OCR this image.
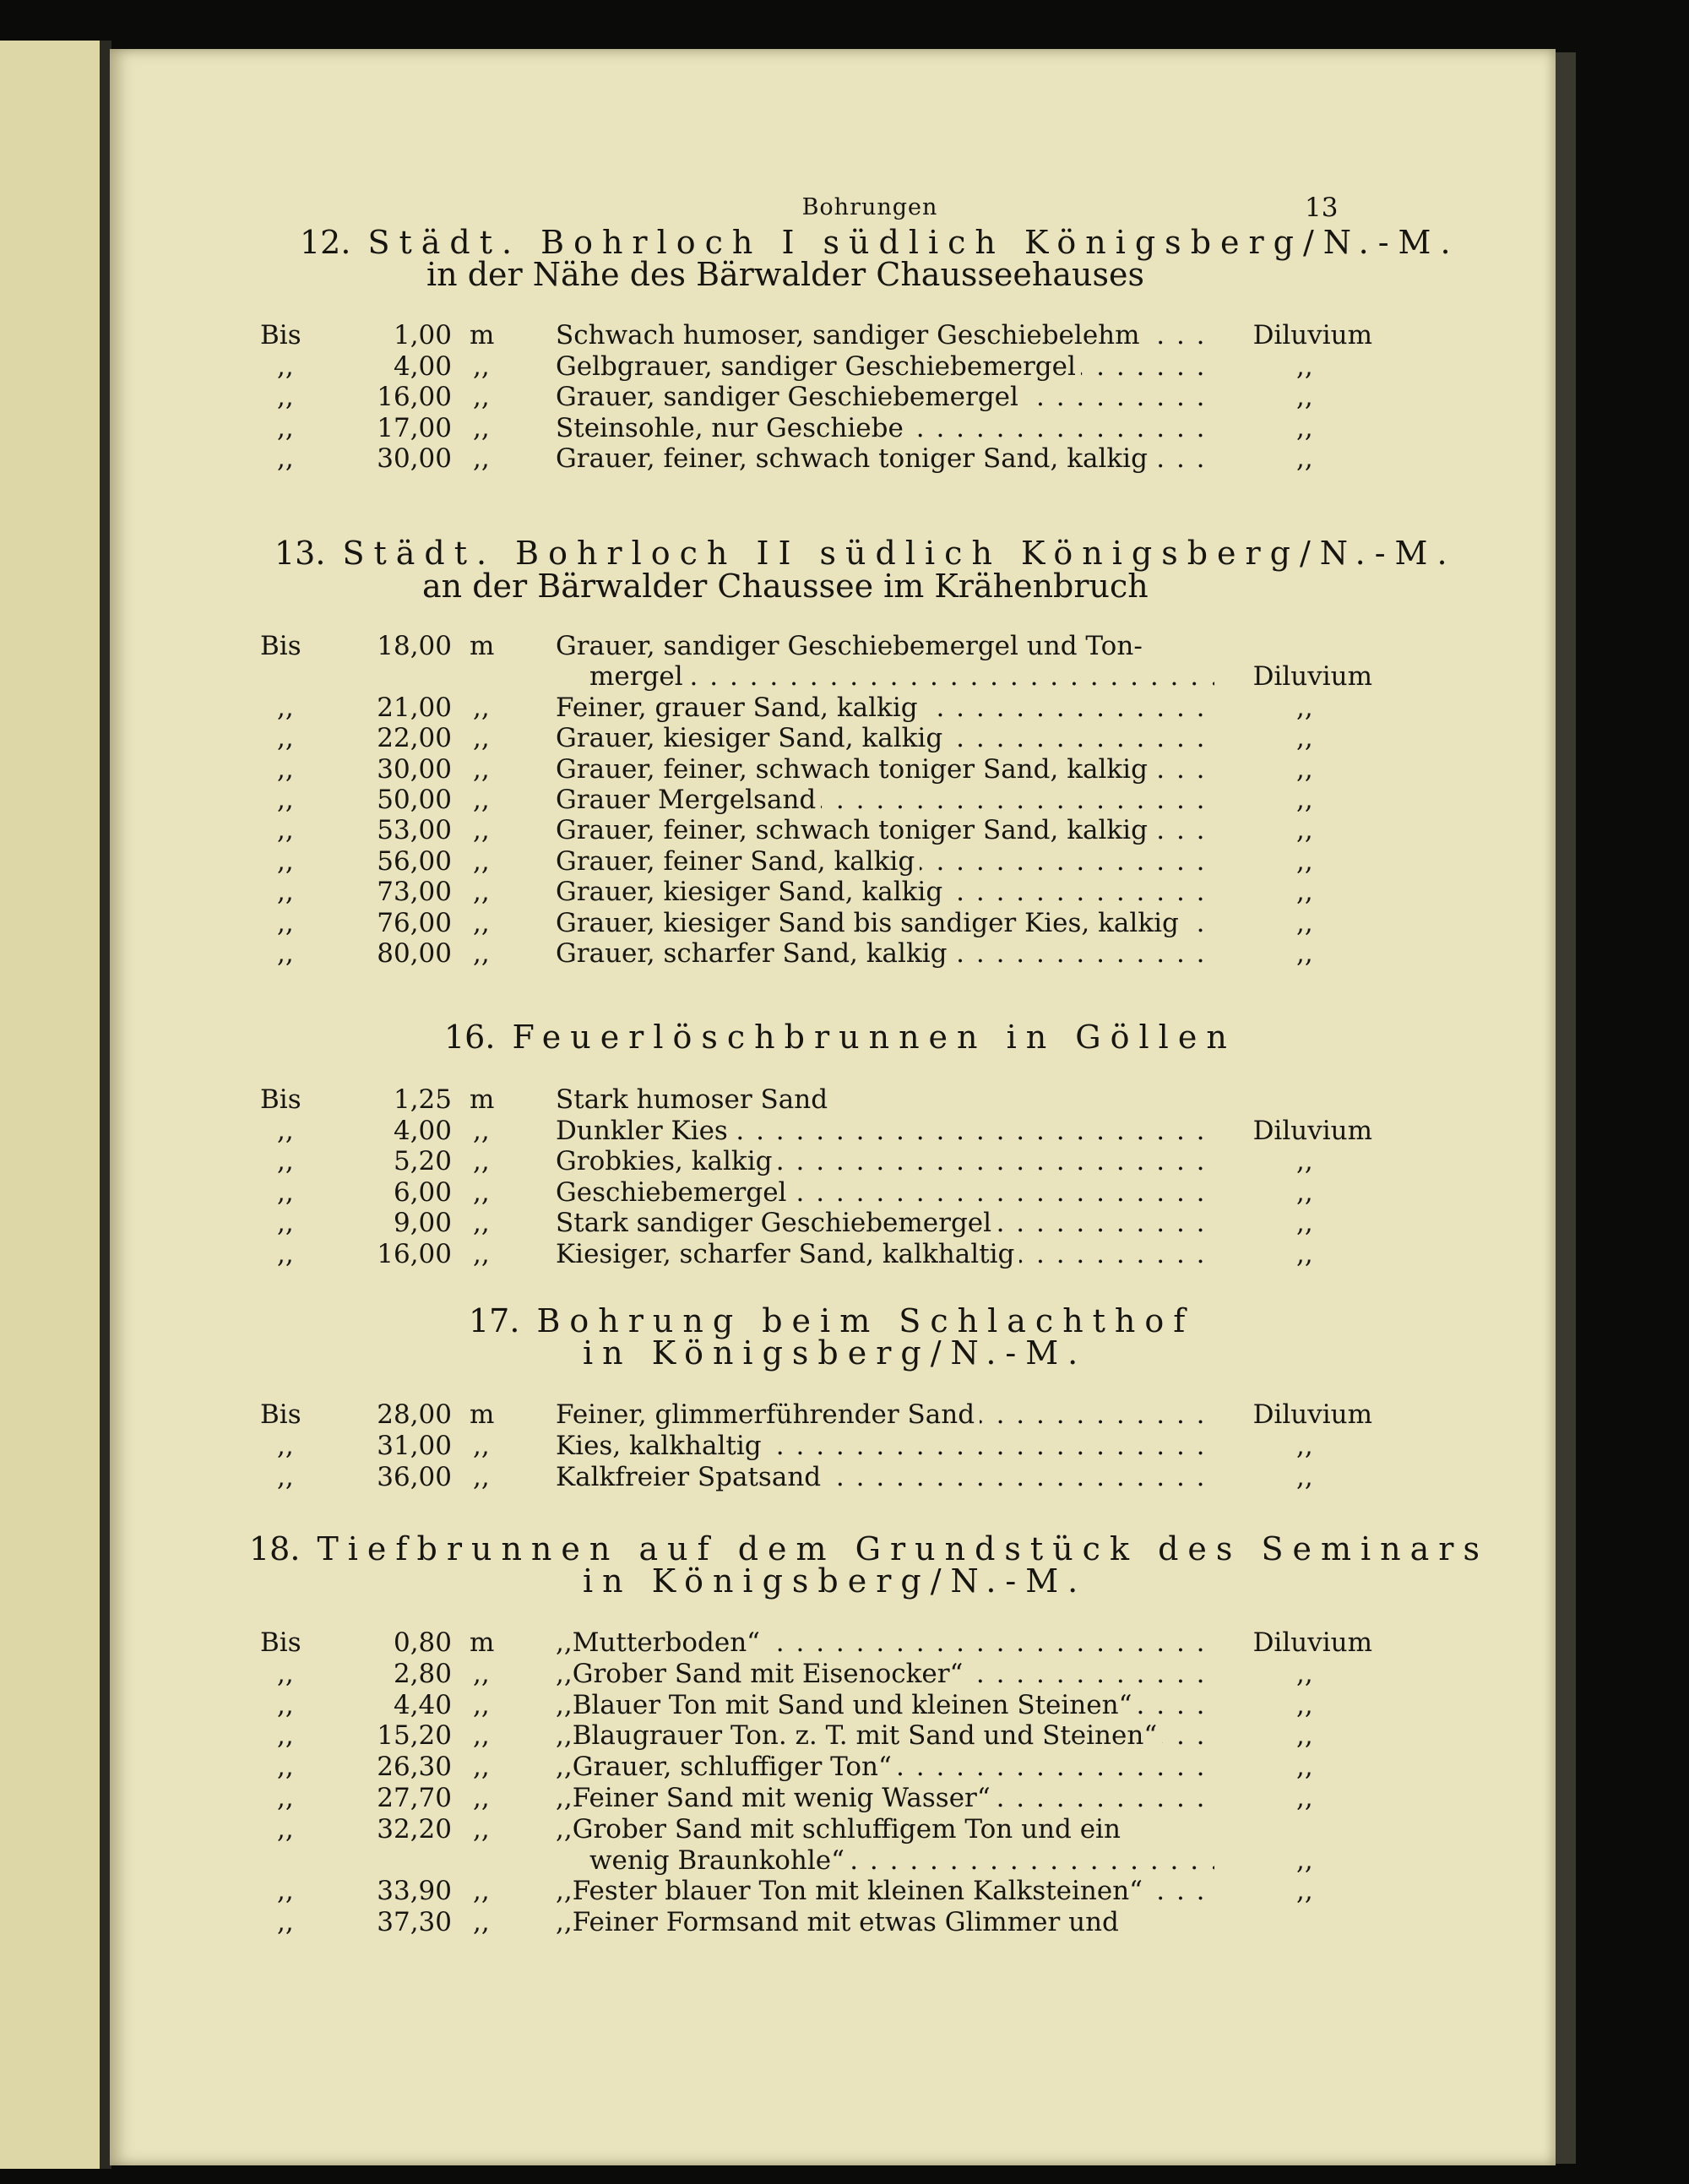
Bohrungen	13
12. Städt. Bohrloch I südlich Königsberg/N.-M.
in der Nähe des Bärwalder Chausseehauses
Bis	1,00 m Schwach humoser, sandiger Geschiebelehm . . .	Diluvium
,,	4,00 ,,	Gelbgrauer, sandiger Geschiebemergel . . .	,,
,,	16,00 ,,	Grauer, sandiger Geschiebemergel . . .	,,
,,	17,00 ,,	Steinsohle, nur Geschiebe . . .	,,
,,	30,00 ,,	Grauer, feiner, schwach toniger Sand, kalkig . . .	,,
13. Städt. Bohrloch II südlich Königsberg/N.-M.
an der Bärwalder Chaussee im Krähenbruch
Bis	18,00 m Grauer, sandiger Geschiebemergel und Ton-
mergel . . .	Diluvium
,,	21,00 ,,	Feiner, grauer Sand, kalkig . . .	,,
,,	22,00 ,,	Grauer, kiesiger Sand, kalkig . . .	,,
,,	30,00 ,,	Grauer, feiner, schwach toniger Sand, kalkig . . .	,,
,,	50,00 ,,	Grauer Mergelsand . . .	,,
,,	53,00 ,,	Grauer, feiner, schwach toniger Sand, kalkig . . .	,,
,,	56,00 ,,	Grauer, feiner Sand, kalkig . . .	,,
,,	73,00 ,,	Grauer, kiesiger Sand, kalkig . . .	,,
,,	76,00 ,,	Grauer, kiesiger Sand bis sandiger Kies, kalkig . . .	,,
,,	80,00 ,,	Grauer, scharfer Sand, kalkig . . .	,,
16. Feuerlöschbrunnen in Göllen
Bis	1,25 m Stark humoser Sand
,,	4,00 ,,	Dunkler Kies . . .	Diluvium
,,	5,20 ,,	Grobkies, kalkig . . .	,,
,,	6,00 ,,	Geschiebemergel . . .	,,
,,	9,00 ,,	Stark sandiger Geschiebemergel . . .	,,
,,	16,00 ,,	Kiesiger, scharfer Sand, kalkhaltig . . .	,,
17. Bohrung beim Schlachthof
in Königsberg/N.-M.
Bis	28,00 m Feiner, glimmerführender Sand . . .	Diluvium
,,	31,00 ,,	Kies, kalkhaltig . . .	,,
,,	36,00 ,,	Kalkfreier Spatsand . . .	,,
18. Tiefbrunnen auf dem Grundstück des Seminars
in Königsberg/N.-M.
Bis	0,80 m ,,Mutterboden“ . . .	Diluvium
,,	2,80 ,,	,,Grober Sand mit Eisenocker“ . . .	,,
,,	4,40 ,,	,,Blauer Ton mit Sand und kleinen Steinen“ . . .	,,
,,	15,20 ,,	,,Blaugrauer Ton. z. T. mit Sand und Steinen“ . . .	,,
,,	26,30 ,,	,,Grauer, schluffiger Ton“ . . .	,,
,,	27,70 ,,	,,Feiner Sand mit wenig Wasser“ . . .	,,
,,	32,20 ,,	,,Grober Sand mit schluffigem Ton und ein
wenig Braunkohle“ . . .	,,
,,	33,90 ,,	,,Fester blauer Ton mit kleinen Kalksteinen“ . . .	,,
,,	37,30 ,,	,,Feiner Formsand mit etwas Glimmer und
